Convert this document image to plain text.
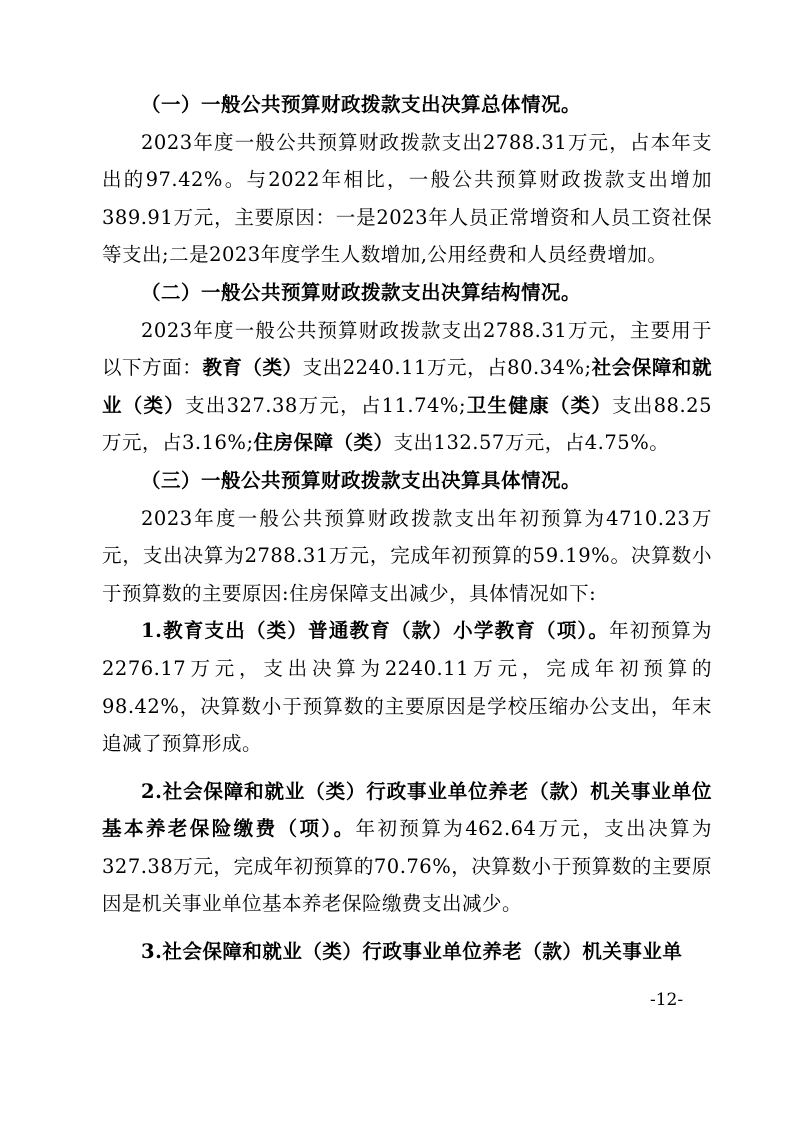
（一）一般公共预算财政拨款支出决算总体情况。

2023年度一般公共预算财政拨款支出2788.31万元，占本年支出的97.42%。与2022年相比，一般公共预算财政拨款支出增加389.91万元，主要原因：一是2023年人员正常增资和人员工资社保等支出;二是2023年度学生人数增加,公用经费和人员经费增加。

（二）一般公共预算财政拨款支出决算结构情况。

2023年度一般公共预算财政拨款支出2788.31万元，主要用于以下方面：教育（类）支出2240.11万元，占80.34%;社会保障和就业（类）支出327.38万元，占11.74%;卫生健康（类）支出88.25万元，占3.16%;住房保障（类）支出132.57万元，占4.75%。

（三）一般公共预算财政拨款支出决算具体情况。

2023年度一般公共预算财政拨款支出年初预算为4710.23万元，支出决算为2788.31万元，完成年初预算的59.19%。决算数小于预算数的主要原因:住房保障支出减少，具体情况如下:

1.教育支出（类）普通教育（款）小学教育（项）。年初预算为2276.17万元，支出决算为2240.11万元，完成年初预算的98.42%，决算数小于预算数的主要原因是学校压缩办公支出，年末追减了预算形成。

2.社会保障和就业（类）行政事业单位养老（款）机关事业单位基本养老保险缴费（项）。年初预算为462.64万元，支出决算为327.38万元，完成年初预算的70.76%，决算数小于预算数的主要原因是机关事业单位基本养老保险缴费支出减少。

3.社会保障和就业（类）行政事业单位养老（款）机关事业单

-12-
